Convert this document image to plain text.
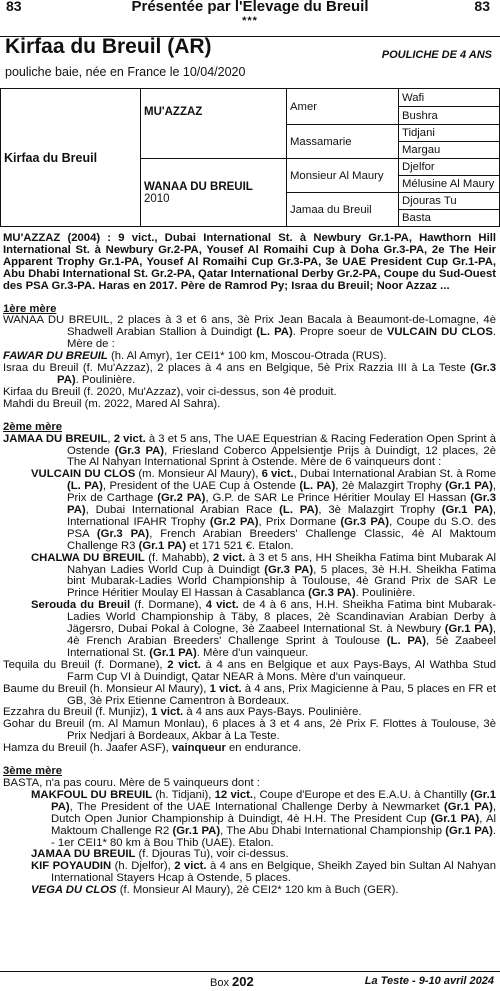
83	Présentée par l'Elevage du Breuil	83
***
Kirfaa du Breuil (AR)	POULICHE DE 4 ANS
pouliche baie, née en France le 10/04/2020
Kirfaa du Breuil	MU'AZZAZ	Amer	Wafi
			Bushra
		Massamarie	Tidjani
			Margau

	WANAA DU BREUIL
2010	Monsieur Al Maury	Djelfor
			Mélusine Al Maury
		Jamaa du Breuil	Djouras Tu
			Basta

MU'AZZAZ (2004) : 9 vict., Dubai International St. à Newbury Gr.1-PA, Hawthorn Hill International St. à Newbury Gr.2-PA, Yousef Al Romaihi Cup à Doha Gr.3-PA, 2e The Heir Apparent Trophy Gr.1-PA, Yousef Al Romaihi Cup Gr.3-PA, 3e UAE President Cup Gr.1-PA, Abu Dhabi International St. Gr.2-PA, Qatar International Derby Gr.2-PA, Coupe du Sud-Ouest des PSA Gr.3-PA. Haras en 2017. Père de Ramrod Py; Israa du Breuil; Noor Azzaz ...

1ère mère

WANAA DU BREUIL, 2 places à 3 et 6 ans, 3è Prix Jean Bacala à Beaumont-de-Lomagne, 4è Shadwell Arabian Stallion à Duindigt (L. PA). Propre soeur de VULCAIN DU CLOS. Mère de :

FAWAR DU BREUIL (h. Al Amyr), 1er CEI1* 100 km, Moscou-Otrada (RUS).

Israa du Breuil (f. Mu'Azzaz), 2 places à 4 ans en Belgique, 5è Prix Razzia III à La Teste (Gr.3 PA). Poulinière.

Kirfaa du Breuil (f. 2020, Mu'Azzaz), voir ci-dessus, son 4è produit.

Mahdi du Breuil (m. 2022, Mared Al Sahra).

2ème mère

JAMAA DU BREUIL, 2 vict. à 3 et 5 ans, The UAE Equestrian & Racing Federation Open Sprint à Ostende (Gr.3 PA), Friesland Coberco Appelsientje Prijs à Duindigt, 12 places, 2è The Al Nahyan International Sprint à Ostende. Mère de 6 vainqueurs dont :

VULCAIN DU CLOS (m. Monsieur Al Maury), 6 vict., Dubai International Arabian St. à Rome (L. PA), President of the UAE Cup à Ostende (L. PA), 2è Malazgirt Trophy (Gr.1 PA), Prix de Carthage (Gr.2 PA), G.P. de SAR Le Prince Héritier Moulay El Hassan (Gr.3 PA), Dubai International Arabian Race (L. PA), 3è Malazgirt Trophy (Gr.1 PA), International IFAHR Trophy (Gr.2 PA), Prix Dormane (Gr.3 PA), Coupe du S.O. des PSA (Gr.3 PA), French Arabian Breeders' Challenge Classic, 4è Al Maktoum Challenge R3 (Gr.1 PA) et 171 521 €. Etalon.

CHALWA DU BREUIL (f. Mahabb), 2 vict. à 3 et 5 ans, HH Sheikha Fatima bint Mubarak Al Nahyan Ladies World Cup à Duindigt (Gr.3 PA), 5 places, 3è H.H. Sheikha Fatima bint Mubarak-Ladies World Championship à Toulouse, 4è Grand Prix de SAR Le Prince Héritier Moulay El Hassan à Casablanca (Gr.3 PA). Poulinière.

Serouda du Breuil (f. Dormane), 4 vict. de 4 à 6 ans, H.H. Sheikha Fatima bint Mubarak-Ladies World Championship à Täby, 8 places, 2è Scandinavian Arabian Derby à Jägersro, Dubai Pokal à Cologne, 3è Zaabeel International St. à Newbury (Gr.1 PA), 4è French Arabian Breeders' Challenge Sprint à Toulouse (L. PA), 5è Zaabeel International St. (Gr.1 PA). Mère d'un vainqueur.

Tequila du Breuil (f. Dormane), 2 vict. à 4 ans en Belgique et aux Pays-Bays, Al Wathba Stud Farm Cup VI à Duindigt, Qatar NEAR à Mons. Mère d'un vainqueur.

Baume du Breuil (h. Monsieur Al Maury), 1 vict. à 4 ans, Prix Magicienne à Pau, 5 places en FR et GB, 3è Prix Etienne Camentron à Bordeaux.

Ezzahra du Breuil (f. Munjiz), 1 vict. à 4 ans aux Pays-Bays. Poulinière.

Gohar du Breuil (m. Al Mamun Monlau), 6 places à 3 et 4 ans, 2è Prix F. Flottes à Toulouse, 3è Prix Nedjari à Bordeaux, Akbar à La Teste.

Hamza du Breuil (h. Jaafer ASF), vainqueur en endurance.

3ème mère

BASTA, n'a pas couru. Mère de 5 vainqueurs dont :

MAKFOUL DU BREUIL (h. Tidjani), 12 vict., Coupe d'Europe et des E.A.U. à Chantilly (Gr.1 PA), The President of the UAE International Challenge Derby à Newmarket (Gr.1 PA), Dutch Open Junior Championship à Duindigt, 4è H.H. The President Cup (Gr.1 PA), Al Maktoum Challenge R2 (Gr.1 PA), The Abu Dhabi International Championship (Gr.1 PA). - 1er CEI1* 80 km à Bou Thib (UAE). Etalon.

JAMAA DU BREUIL (f. Djouras Tu), voir ci-dessus.

KIF POYAUDIN (h. Djelfor), 2 vict. à 4 ans en Belgique, Sheikh Zayed bin Sultan Al Nahyan International Stayers Hcap à Ostende, 5 places.

VEGA DU CLOS (f. Monsieur Al Maury), 2è CEI2* 120 km à Buch (GER).

Box 202	La Teste - 9-10 avril 2024
